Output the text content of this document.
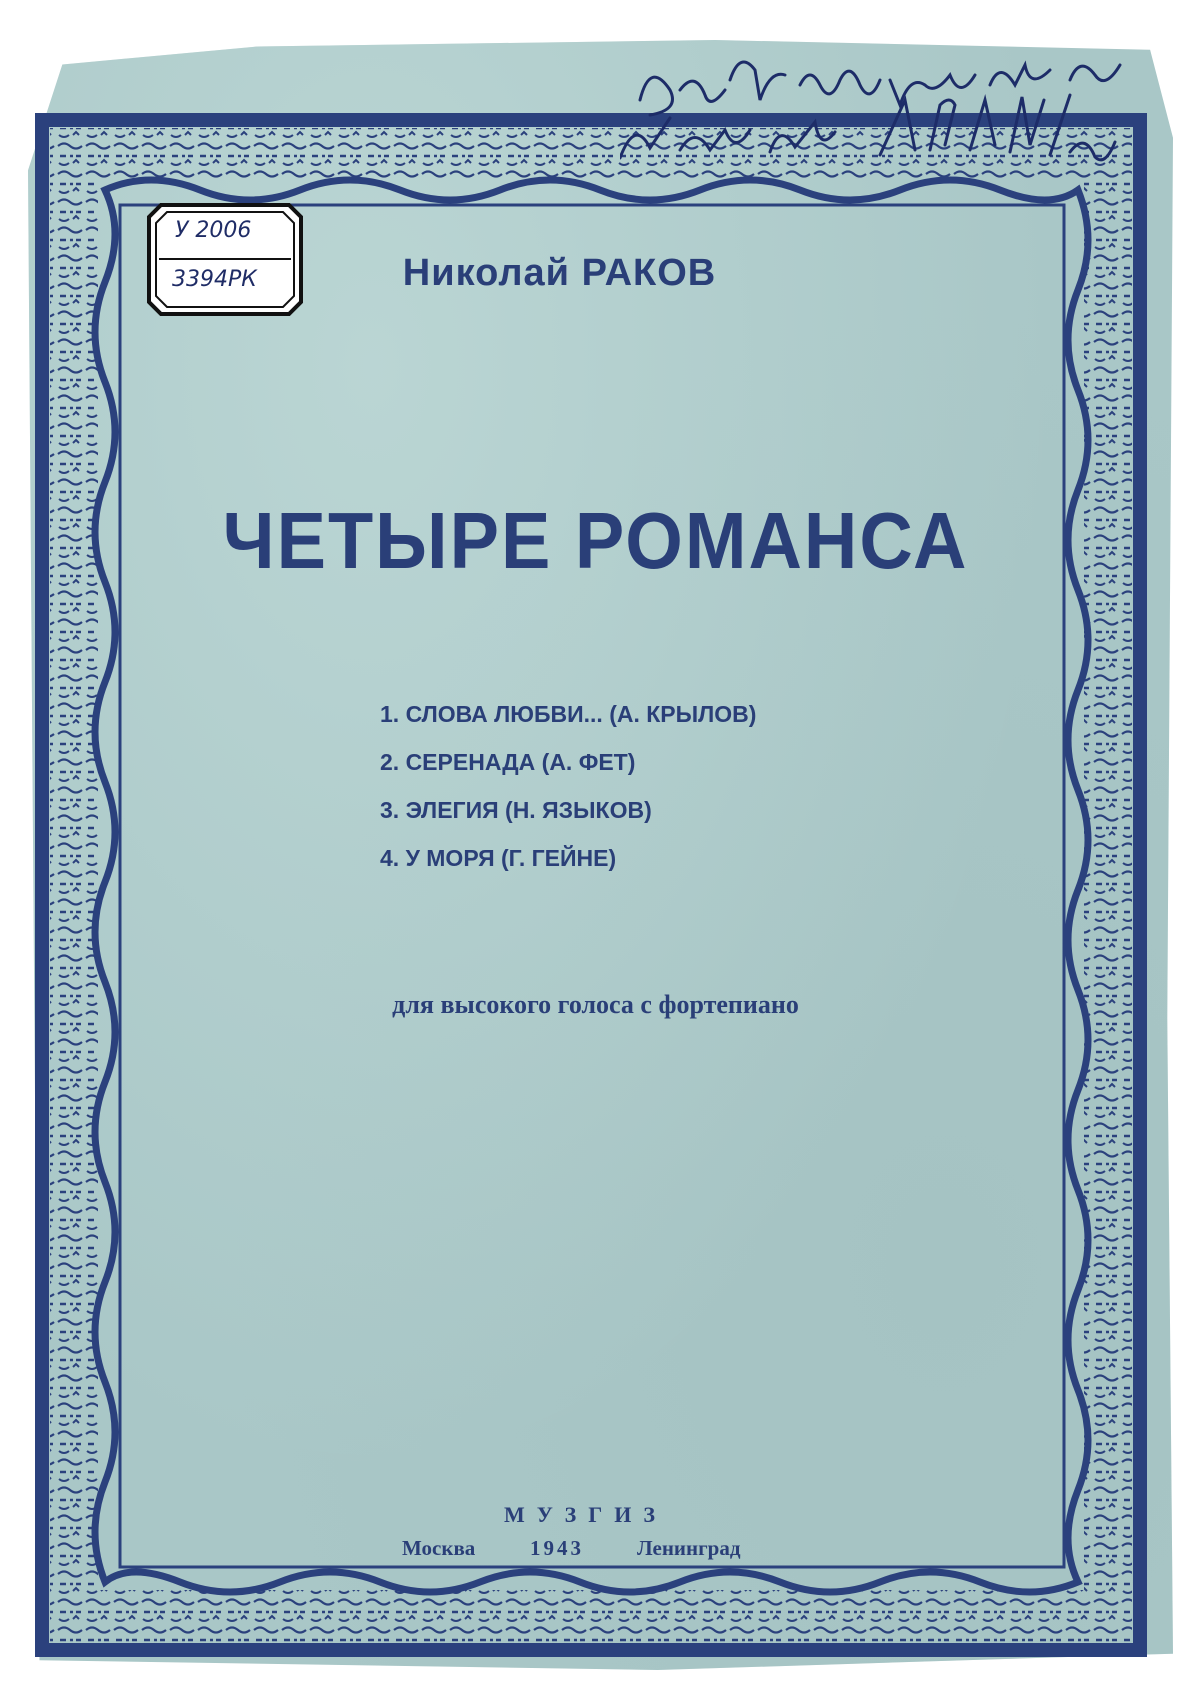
У 2006
3394РК	Николай РАКОВ
ЧЕТЫРЕ РОМАНСА
1. СЛОВА ЛЮБВИ... (А. КРЫЛОВ)
2. СЕРЕНАДА (А. ФЕТ)
3. ЭЛЕГИЯ (Н. ЯЗЫКОВ)
4. У МОРЯ (Г. ГЕЙНЕ)
для высокого голоса с фортепиано
МУЗГИЗ
Москва	1943	Ленинград
